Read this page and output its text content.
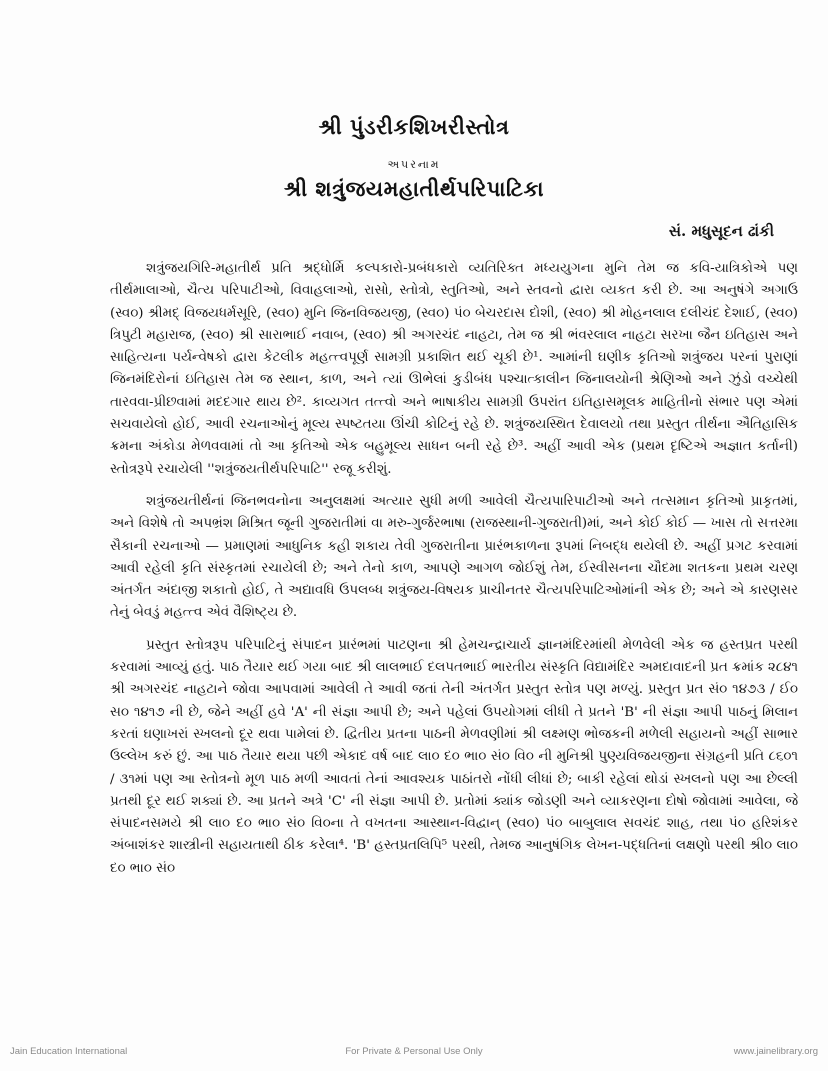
શ્રી પુંડરીકશિખરીસ્તોત્ર
અપરનામ
શ્રી શત્રુંજયમહાતીર્થપરિપાટિકા
સં. મધુસૂદન ઢાંકી

શત્રુંજયગિરિ-મહાતીર્થ પ્રતિ શ્રદ્ધોર્મિ કલ્પકારો-પ્રબંધકારો વ્યતિરિક્ત મધ્યયુગના મુનિ તેમ જ કવિ-યાત્રિકોએ પણ તીર્થમાલાઓ, ચૈત્ય પરિપાટીઓ, વિવાહલાઓ, રાસો, સ્તોત્રો, સ્તુતિઓ, અને સ્તવનો દ્વારા વ્યકત કરી છે. આ અનુષંગે અગાઉ (સ્વ૦) શ્રીમદ્ વિજયધર્મસૂરિ, (સ્વ૦) મુનિ જિનવિજયજી, (સ્વ૦) પં૦ બેચરદાસ દોશી, (સ્વ૦) શ્રી મોહનલાલ દલીચંદ દેશાઈ, (સ્વ૦) ત્રિપુટી મહારાજ, (સ્વ૦) શ્રી સારાભાઈ નવાબ, (સ્વ૦) શ્રી અગરચંદ નાહટા, તેમ જ શ્રી ભંવરલાલ નાહટા સરખા જૈન ઇતિહાસ અને સાહિત્યના પર્યન્વેષકો દ્વારા કેટલીક મહત્ત્વપૂર્ણ સામગ્રી પ્રકાશિત થઈ ચૂકી છે¹. આમાંની ઘણીક કૃતિઓ શત્રુંજય પરનાં પુરાણાં જિનમંદિરોનાં ઇતિહાસ તેમ જ સ્થાન, કાળ, અને ત્યાં ઊભેલાં કુડીબંધ પશ્ચાત્કાલીન જિનાલયોની શ્રેણિઓ અને ઝુંડો વચ્ચેથી તારવવા-પ્રીછવામાં મદદગાર થાય છે². કાવ્યગત તત્ત્વો અને ભાષાકીય સામગ્રી ઉપરાંત ઇતિહાસમૂલક માહિતીનો સંભાર પણ એમાં સચવાયેલો હોઈ, આવી રચનાઓનું મૂલ્ય સ્પષ્ટતયા ઊંચી કોટિનું રહે છે. શત્રુંજયસ્થિત દેવાલયો તથા પ્રસ્તુત તીર્થના ઐતિહાસિક ક્રમના અંકોડા મેળવવામાં તો આ કૃતિઓ એક બહુમૂલ્ય સાધન બની રહે છે³. અહીં આવી એક (પ્રથમ દૃષ્ટિએ અજ્ઞાત કર્તાની) સ્તોત્રરૂપે રચાયેલી ''શત્રુંજયતીર્થપરિપાટિ'' રજૂ કરીશું.

શત્રુંજયતીર્થનાં જિનભવનોના અનુલક્ષમાં અત્યાર સુધી મળી આવેલી ચૈત્યપારિપાટીઓ અને તત્સમાન કૃતિઓ પ્રાકૃતમાં, અને વિશેષે તો અપભ્રંશ મિશ્રિત જૂની ગુજરાતીમાં વા મરુ-ગુર્જરભાષા (રાજસ્થાની-ગુજરાતી)માં, અને કોઈ કોઈ — ખાસ તો સત્તરમા સૈકાની રચનાઓ — પ્રમાણમાં આધુનિક કહી શકાય તેવી ગુજરાતીના પ્રારંભકાળના રૂપમાં નિબદ્ધ થયેલી છે. અહીં પ્રગટ કરવામાં આવી રહેલી કૃતિ સંસ્કૃતમાં રચાયેલી છે; અને તેનો કાળ, આપણે આગળ જોઈશું તેમ, ઈસ્વીસનના ચૌદમા શતકના પ્રથમ ચરણ અંતર્ગત અંદાજી શકાતો હોઈ, તે અદ્યાવધિ ઉપલબ્ધ શત્રુંજય-વિષયક પ્રાચીનતર ચૈત્યપરિપાટિઓમાંની એક છે; અને એ કારણસર તેનું બેવડું મહત્ત્વ એવં વૈશિષ્ટ્ય છે.

પ્રસ્તુત સ્તોત્રરૂપ પરિપાટિનું સંપાદન પ્રારંભમાં પાટણના શ્રી હેમચન્દ્રાચાર્ય જ્ઞાનમંદિરમાંથી મેળવેલી એક જ હસ્તપ્રત પરથી કરવામાં આવ્યું હતું. પાઠ તૈયાર થઈ ગયા બાદ શ્રી લાલભાઈ દલપતભાઈ ભારતીય સંસ્કૃતિ વિદ્યામંદિર અમદાવાદની પ્રત ક્રમાંક ૨૮૪૧ શ્રી અગરચંદ નાહટાને જોવા આપવામાં આવેલી તે આવી જતાં તેની અંતર્ગત પ્રસ્તુત સ્તોત્ર પણ મળ્યું. પ્રસ્તુત પ્રત સં૦ ૧૪૭૩ / ઈ૦ સ૦ ૧૪૧૭ ની છે, જેને અહીં હવે 'A' ની સંજ્ઞા આપી છે; અને પહેલાં ઉપયોગમાં લીધી તે પ્રતને 'B' ની સંજ્ઞા આપી પાઠનું મિલાન કરતાં ઘણાખરાં સ્ખલનો દૂર થવા પામેલાં છે. દ્વિતીય પ્રતના પાઠની મેળવણીમાં શ્રી લક્ષ્મણ ભોજકની મળેલી સહાયનો અહીં સાભાર ઉલ્લેખ કરું છું. આ પાઠ તૈયાર થયા પછી એકાદ વર્ષ બાદ લા૦ દ૦ ભા૦ સં૦ વિ૦ ની મુનિશ્રી પુણ્યવિજયજીના સંગ્રહની પ્રતિ ૮૬૦૧ / ૩૧માં પણ આ સ્તોત્રનો મૂળ પાઠ મળી આવતાં તેનાં આવશ્યક પાઠાંતરો નોંધી લીધાં છે; બાકી રહેલાં થોડાં સ્ખલનો પણ આ છેલ્લી પ્રતથી દૂર થઈ શક્યાં છે. આ પ્રતને અત્રે 'C' ની સંજ્ઞા આપી છે. પ્રતોમાં ક્યાંક જોડણી અને વ્યાકરણના દોષો જોવામાં આવેલા, જે સંપાદનસમયે શ્રી લા૦ દ૦ ભા૦ સં૦ વિ૦ના તે વખતના આસ્થાન-વિદ્વાન્ (સ્વ૦) પં૦ બાબુલાલ સવચંદ શાહ, તથા પં૦ હરિશંકર અંબાશંકર શાસ્ત્રીની સહાયતાથી ઠીક કરેલા⁴. 'B' હસ્તપ્રતલિપિ⁵ પરથી, તેમજ આનુષંગિક લેખન-પદ્ધતિનાં લક્ષણો પરથી શ્રી૦ લા૦ દ૦ ભા૦ સં૦

Jain Education International	For Private & Personal Use Only	www.jainelibrary.org
